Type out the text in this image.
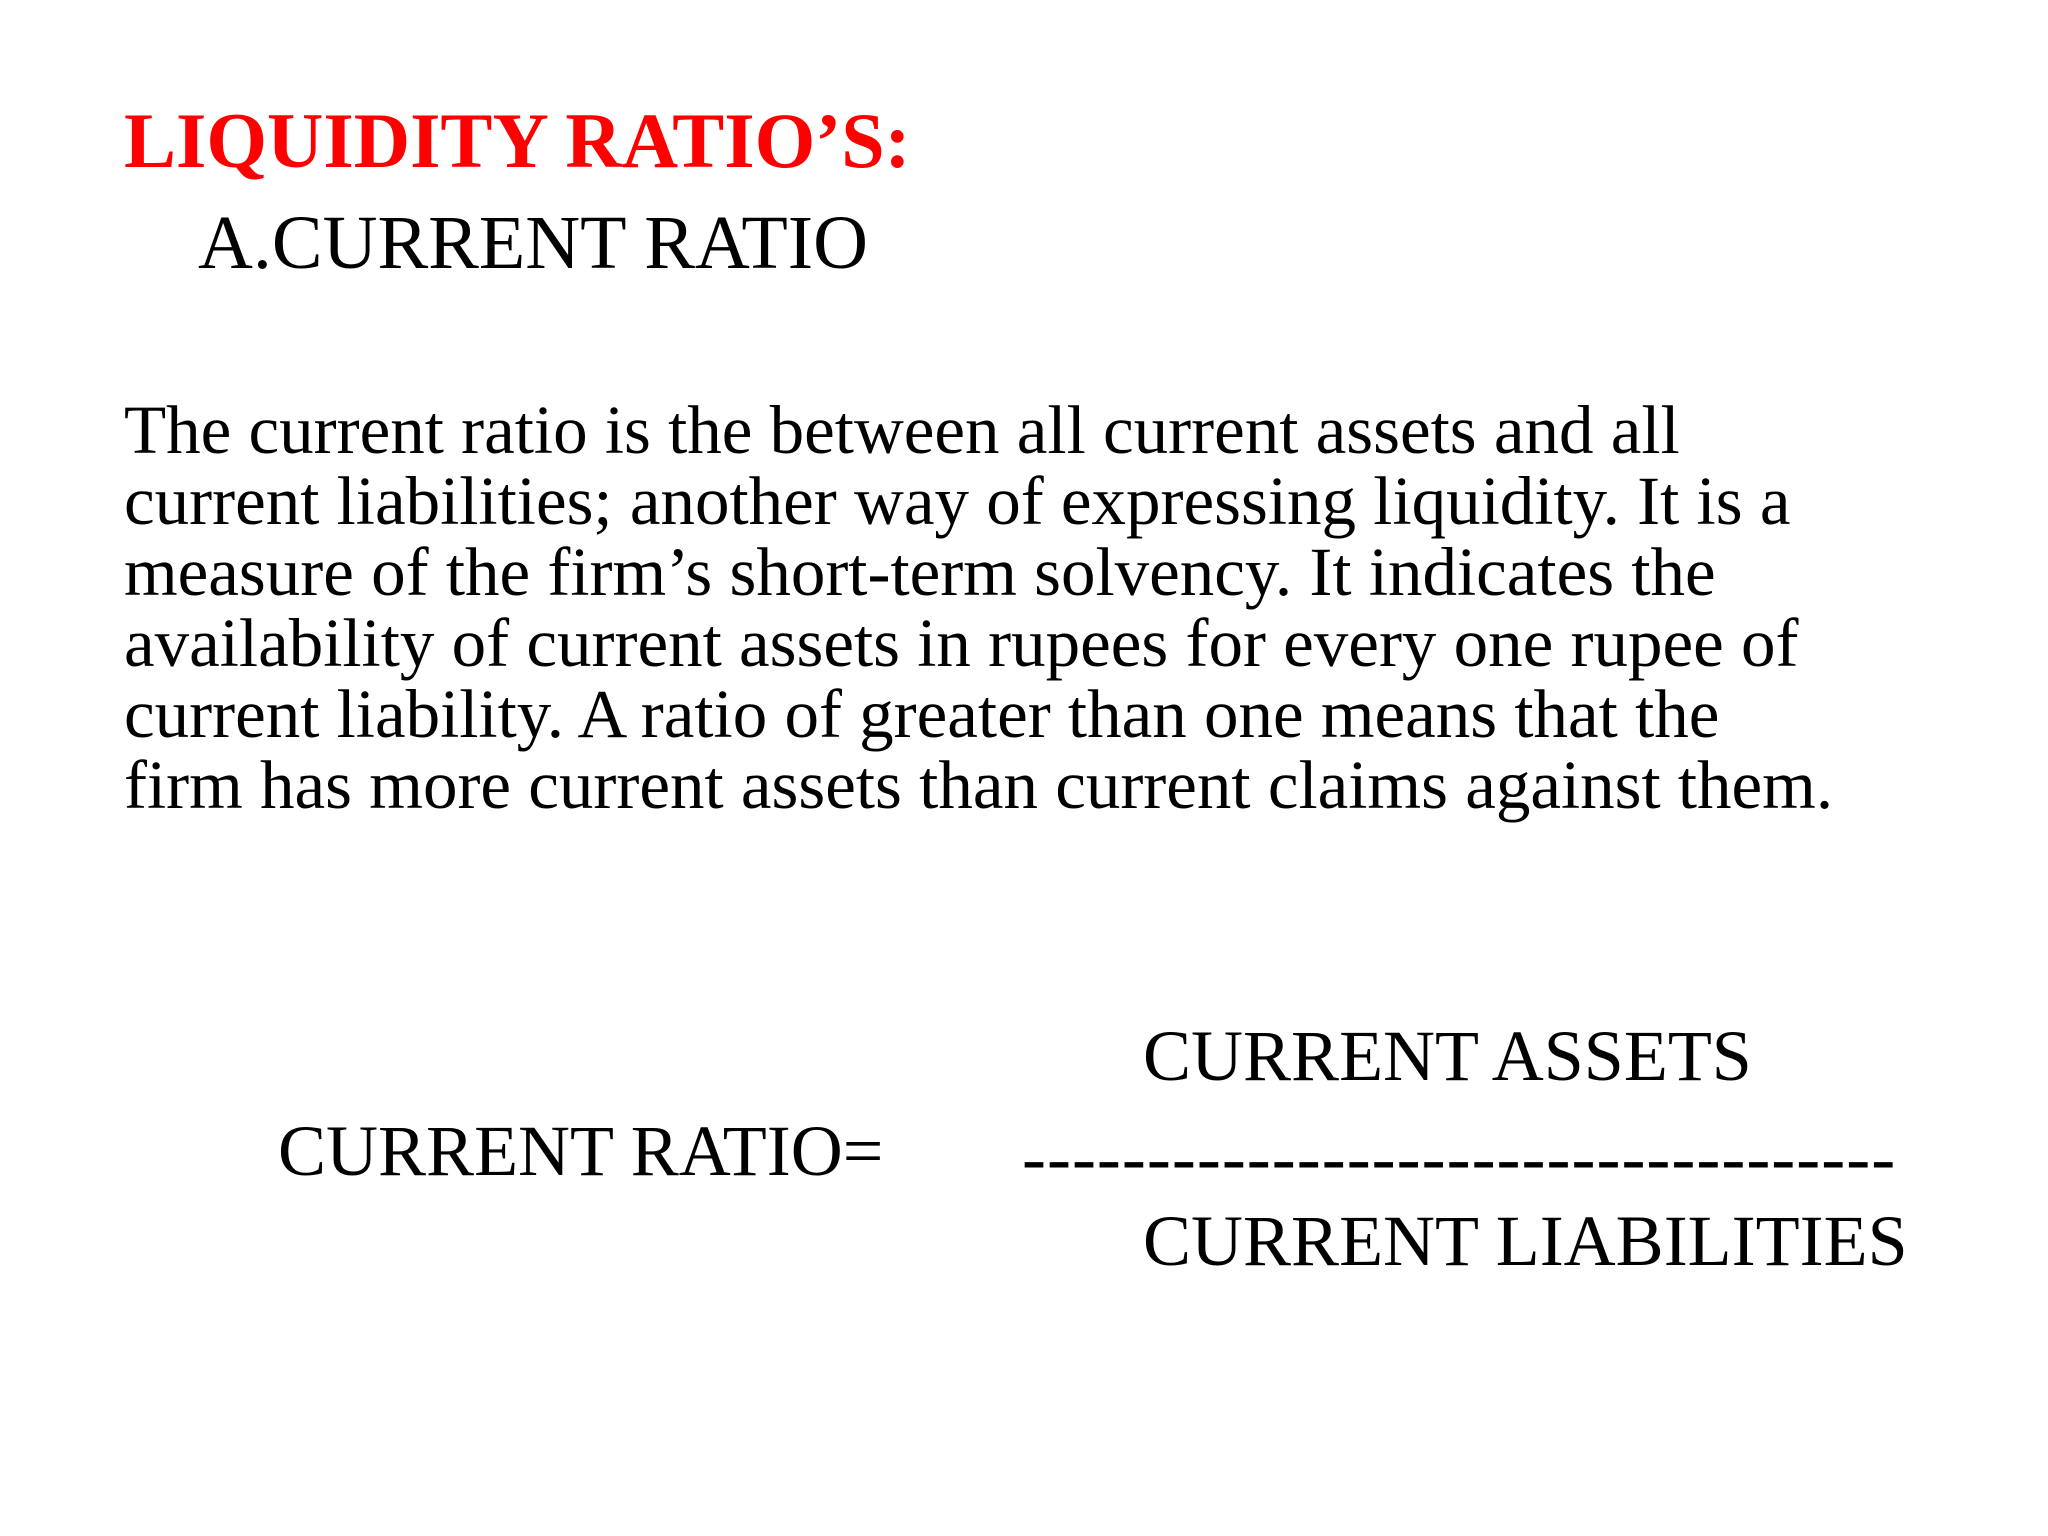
LIQUIDITY RATIO’S:
A.CURRENT RATIO
The current ratio is the between all current assets and all
current liabilities; another way of expressing liquidity. It is a
measure of the firm’s short-term solvency. It indicates the
availability of current assets in rupees for every one rupee of
current liability. A ratio of greater than one means that the
firm has more current assets than current claims against them.
CURRENT RATIO=
CURRENT ASSETS
-----------------------------------
CURRENT LIABILITIES
